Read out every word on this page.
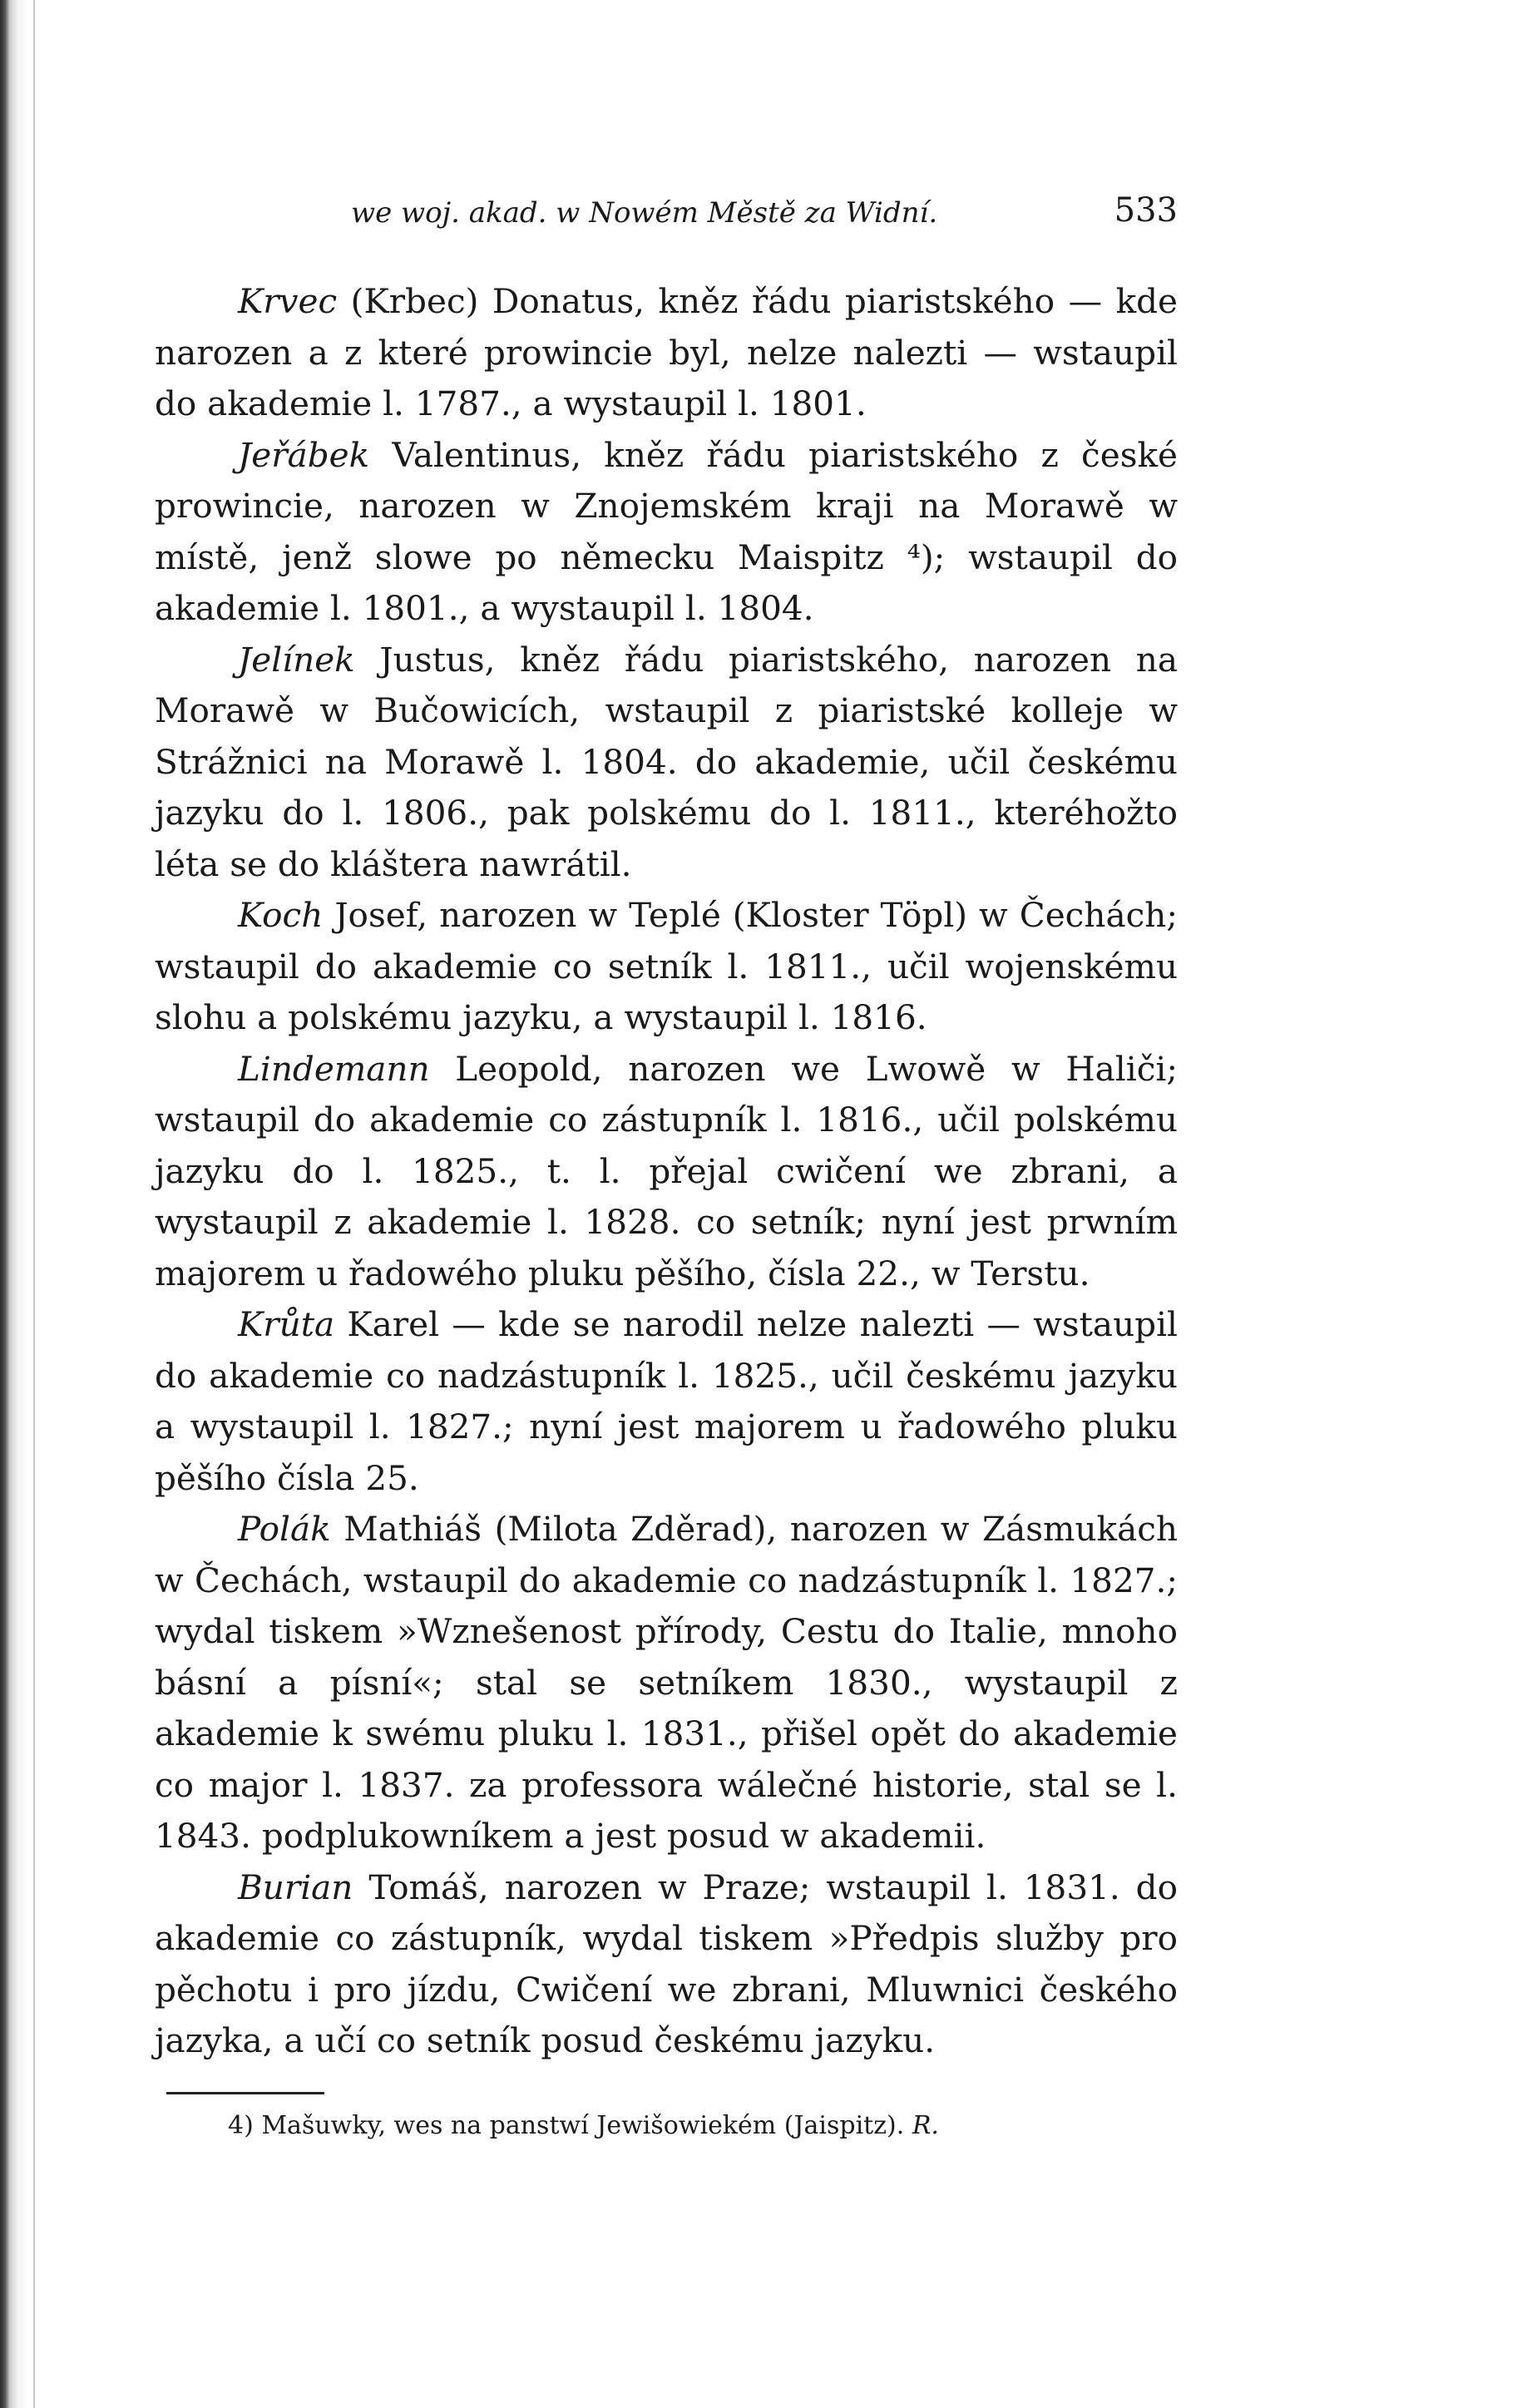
we woj. akad. w Nowém Městě za Widní.	533

Krvec (Krbec) Donatus, kněz řádu piaristského — kde narozen a z které prowincie byl, nelze nalezti — wstaupil do akademie l. 1787., a wystaupil l. 1801.

Jeřábek Valentinus, kněz řádu piaristského z české prowincie, narozen w Znojemském kraji na Morawě w místě, jenž slowe po německu Maispitz ⁴); wstaupil do akademie l. 1801., a wystaupil l. 1804.

Jelínek Justus, kněz řádu piaristského, narozen na Morawě w Bučowicích, wstaupil z piaristské kolleje w Strážnici na Morawě l. 1804. do akademie, učil českému jazyku do l. 1806., pak polskému do l. 1811., kteréhožto léta se do kláštera nawrátil.

Koch Josef, narozen w Teplé (Kloster Töpl) w Čechách; wstaupil do akademie co setník l. 1811., učil wojenskému slohu a polskému jazyku, a wystaupil l. 1816.

Lindemann Leopold, narozen we Lwowě w Haliči; wstaupil do akademie co zástupník l. 1816., učil polskému jazyku do l. 1825., t. l. přejal cwičení we zbrani, a wystaupil z akademie l. 1828. co setník; nyní jest prwním majorem u řadowého pluku pěšího, čísla 22., w Terstu.

Krůta Karel — kde se narodil nelze nalezti — wstaupil do akademie co nadzástupník l. 1825., učil českému jazyku a wystaupil l. 1827.; nyní jest majorem u řadowého pluku pěšího čísla 25.

Polák Mathiáš (Milota Zděrad), narozen w Zásmukách w Čechách, wstaupil do akademie co nadzástupník l. 1827.; wydal tiskem »Wznešenost přírody, Cestu do Italie, mnoho básní a písní«; stal se setníkem 1830., wystaupil z akademie k swému pluku l. 1831., přišel opět do akademie co major l. 1837. za professora wálečné historie, stal se l. 1843. podplukowníkem a jest posud w akademii.

Burian Tomáš, narozen w Praze; wstaupil l. 1831. do akademie co zástupník, wydal tiskem »Předpis služby pro pěchotu i pro jízdu, Cwičení we zbrani, Mluwnici českého jazyka, a učí co setník posud českému jazyku.

4) Mašuwky, wes na panstwí Jewišowiekém (Jaispitz). R.
